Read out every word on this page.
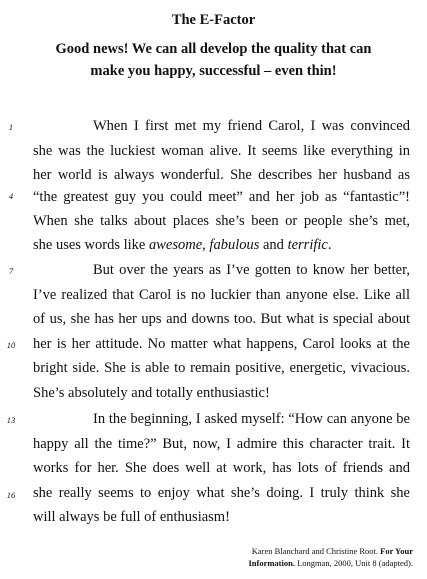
The E-Factor
Good news! We can all develop the quality that can
make you happy, successful – even thin!
1
4
7
10
13
16
When I first met my friend Carol, I was convinced
she was the luckiest woman alive. It seems like everything in
her world is always wonderful. She describes her husband as
“the greatest guy you could meet” and her job as “fantastic”!
When she talks about places she’s been or people she’s met,
she uses words like awesome, fabulous and terrific.
But over the years as I’ve gotten to know her better,
I’ve realized that Carol is no luckier than anyone else. Like all
of us, she has her ups and downs too. But what is special about
her is her attitude. No matter what happens, Carol looks at the
bright side. She is able to remain positive, energetic, vivacious.
She’s absolutely and totally enthusiastic!
In the beginning, I asked myself: “How can anyone be
happy all the time?” But, now, I admire this character trait. It
works for her. She does well at work, has lots of friends and
she really seems to enjoy what she’s doing. I truly think she
will always be full of enthusiasm!
Karen Blanchard and Christine Root. For Your
Information. Longman, 2000, Unit 8 (adapted).
